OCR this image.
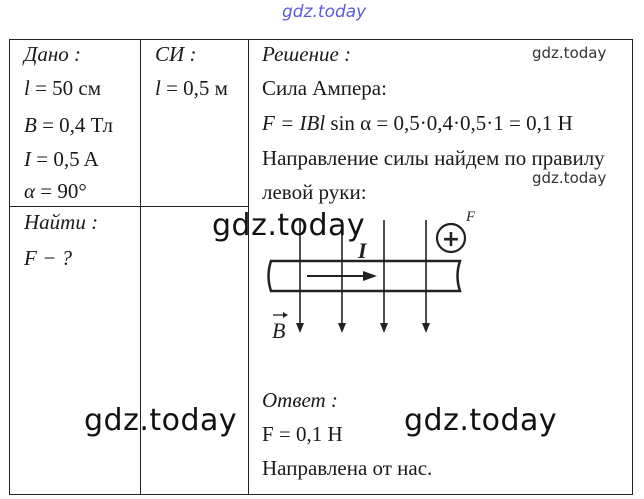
gdz.today
Дано :
l = 50 см
B = 0,4 Тл
I = 0,5 A
α = 90°
Найти :
F − ?
СИ :
l = 0,5 м
Решение :
Сила Ампера:
F = IBl sin α = 0,5·0,4·0,5·1 = 0,1 Н
Направление силы найдем по правилу
левой руки:
I	+
F
B
Ответ :
F = 0,1 Н
Направлена от нас.
gdz.today
gdz.today
gdz.today
gdz.today	gdz.today
